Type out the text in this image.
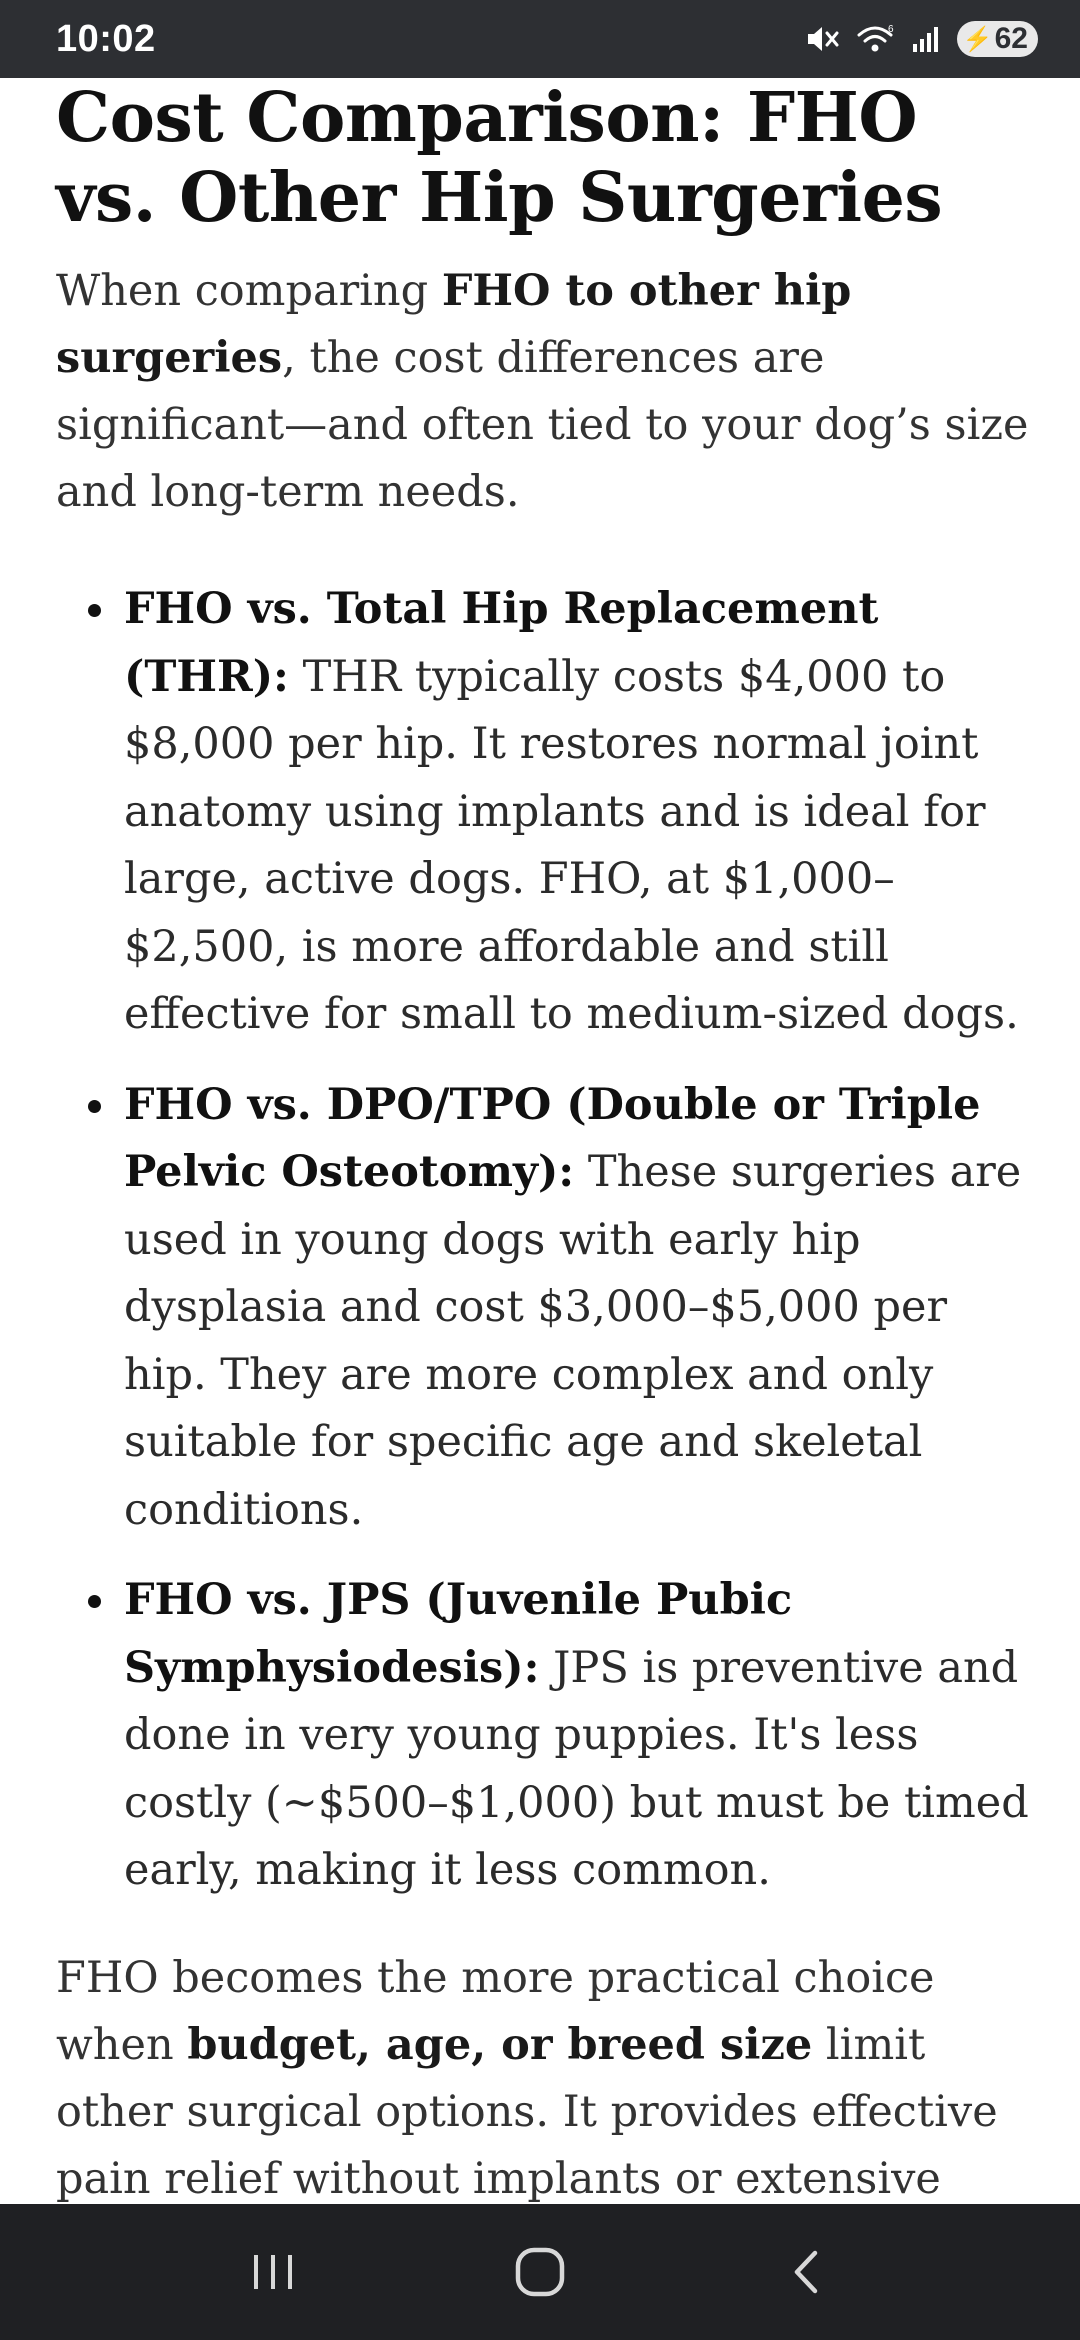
10:02	6	⚡ 62
Cost Comparison: FHO vs. Other Hip Surgeries

When comparing FHO to other hip surgeries, the cost differences are significant—and often tied to your dog’s size and long-term needs.

FHO vs. Total Hip Replacement (THR): THR typically costs $4,000 to $8,000 per hip. It restores normal joint anatomy using implants and is ideal for large, active dogs. FHO, at $1,000–$2,500, is more affordable and still effective for small to medium-sized dogs.
FHO vs. DPO/TPO (Double or Triple Pelvic Osteotomy): These surgeries are used in young dogs with early hip dysplasia and cost $3,000–$5,000 per hip. They are more complex and only suitable for specific age and skeletal conditions.
FHO vs. JPS (Juvenile Pubic Symphysiodesis): JPS is preventive and done in very young puppies. It's less costly (~$500–$1,000) but must be timed early, making it less common.

FHO becomes the more practical choice when budget, age, or breed size limit other surgical options. It provides effective pain relief without implants or extensive
